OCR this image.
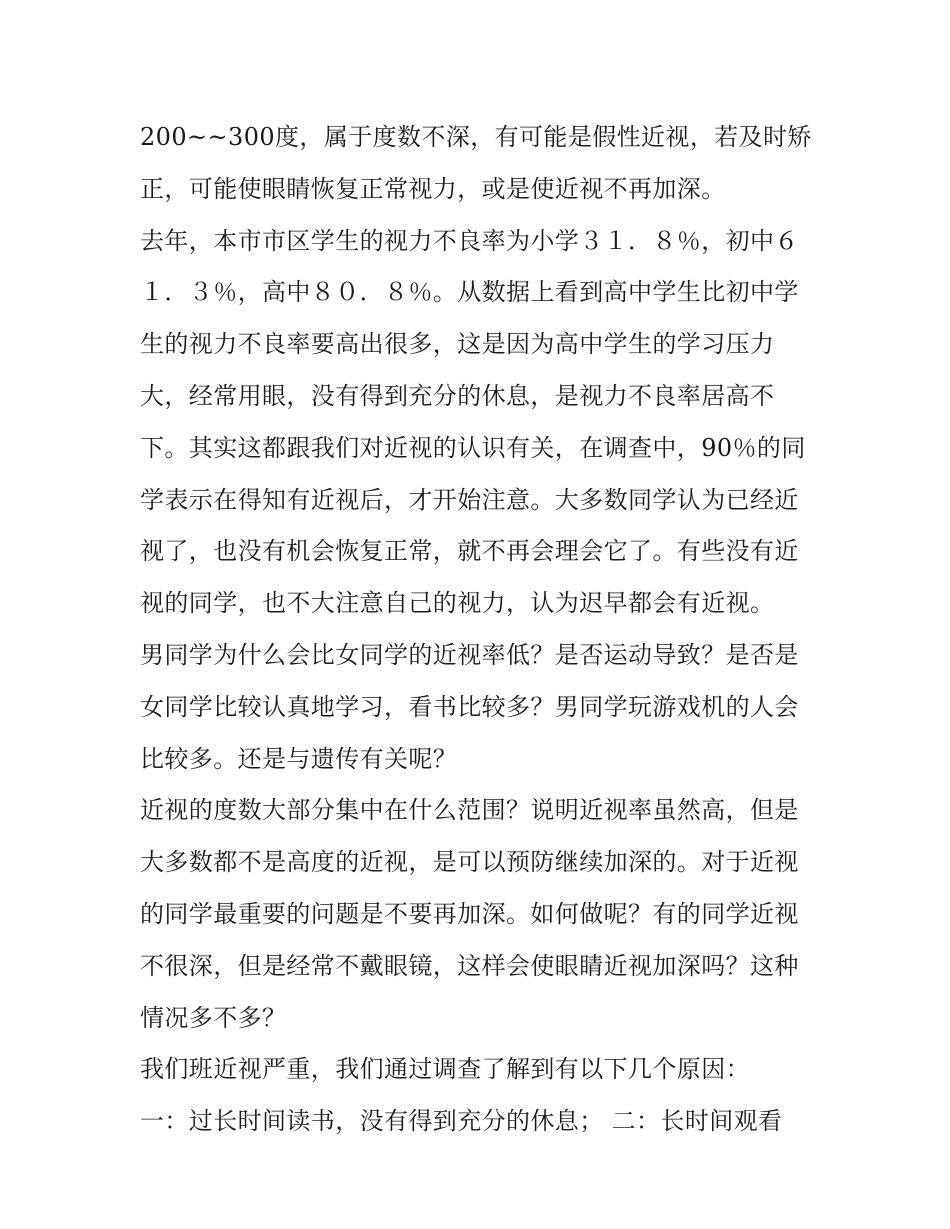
200~~300度，属于度数不深，有可能是假性近视，若及时矫
正，可能使眼睛恢复正常视力，或是使近视不再加深。
去年，本市市区学生的视力不良率为小学３１．８％，初中６
１．３％，高中８０．８％。从数据上看到高中学生比初中学
生的视力不良率要高出很多，这是因为高中学生的学习压力
大，经常用眼，没有得到充分的休息，是视力不良率居高不
下。其实这都跟我们对近视的认识有关，在调查中，90％的同
学表示在得知有近视后，才开始注意。大多数同学认为已经近
视了，也没有机会恢复正常，就不再会理会它了。有些没有近
视的同学，也不大注意自己的视力，认为迟早都会有近视。
男同学为什么会比女同学的近视率低？是否运动导致？是否是
女同学比较认真地学习，看书比较多？男同学玩游戏机的人会
比较多。还是与遗传有关呢？
近视的度数大部分集中在什么范围？说明近视率虽然高，但是
大多数都不是高度的近视，是可以预防继续加深的。对于近视
的同学最重要的问题是不要再加深。如何做呢？有的同学近视
不很深，但是经常不戴眼镜，这样会使眼睛近视加深吗？这种
情况多不多？
我们班近视严重，我们通过调查了解到有以下几个原因：
一：过长时间读书，没有得到充分的休息； 二：长时间观看
